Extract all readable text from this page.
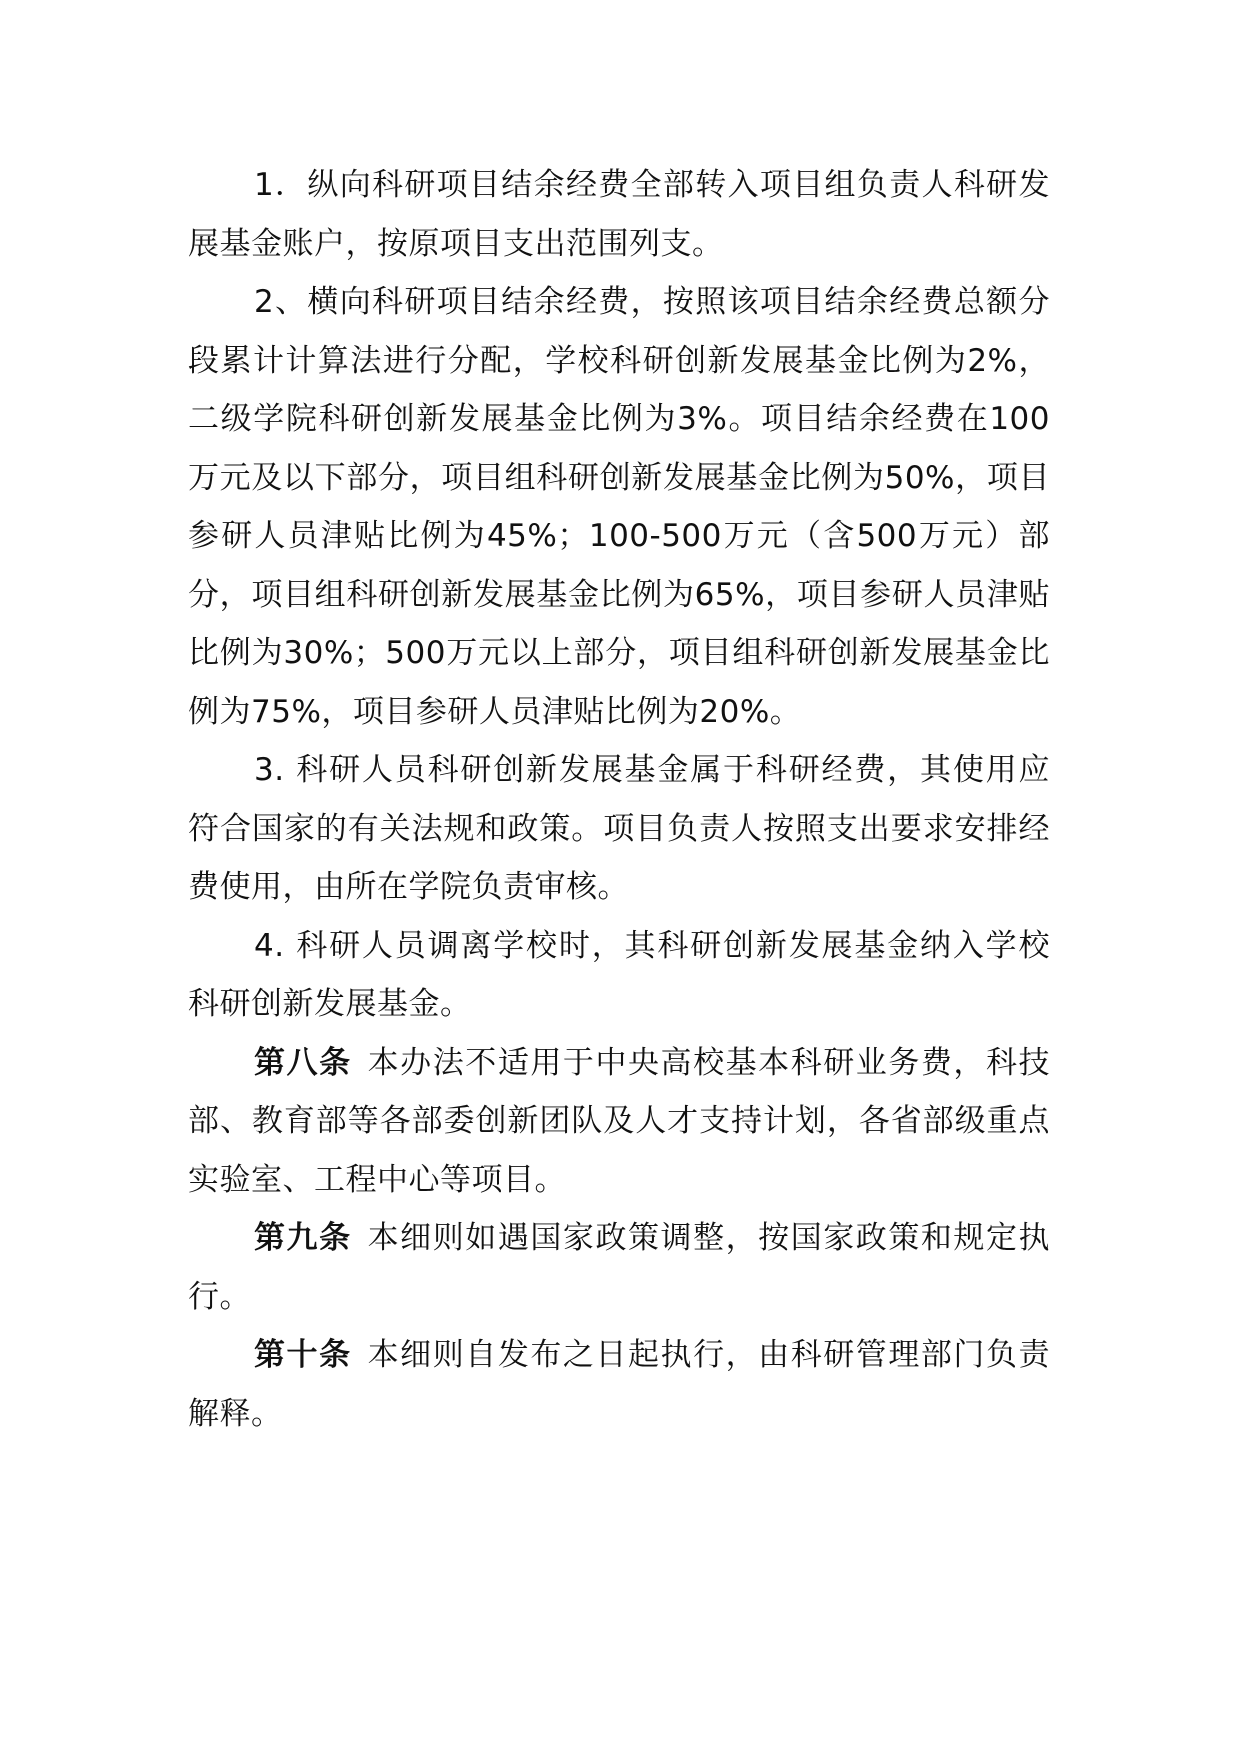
1．纵向科研项目结余经费全部转入项目组负责人科研发展基金账户，按原项目支出范围列支。

2、横向科研项目结余经费，按照该项目结余经费总额分段累计计算法进行分配，学校科研创新发展基金比例为2%，二级学院科研创新发展基金比例为3%。项目结余经费在100万元及以下部分，项目组科研创新发展基金比例为50%，项目参研人员津贴比例为45%；100-500万元（含500万元）部分，项目组科研创新发展基金比例为65%，项目参研人员津贴比例为30%；500万元以上部分，项目组科研创新发展基金比例为75%，项目参研人员津贴比例为20%。

3. 科研人员科研创新发展基金属于科研经费，其使用应符合国家的有关法规和政策。项目负责人按照支出要求安排经费使用，由所在学院负责审核。

4. 科研人员调离学校时，其科研创新发展基金纳入学校科研创新发展基金。

第八条 本办法不适用于中央高校基本科研业务费，科技部、教育部等各部委创新团队及人才支持计划，各省部级重点实验室、工程中心等项目。

第九条 本细则如遇国家政策调整，按国家政策和规定执行。

第十条 本细则自发布之日起执行，由科研管理部门负责解释。
